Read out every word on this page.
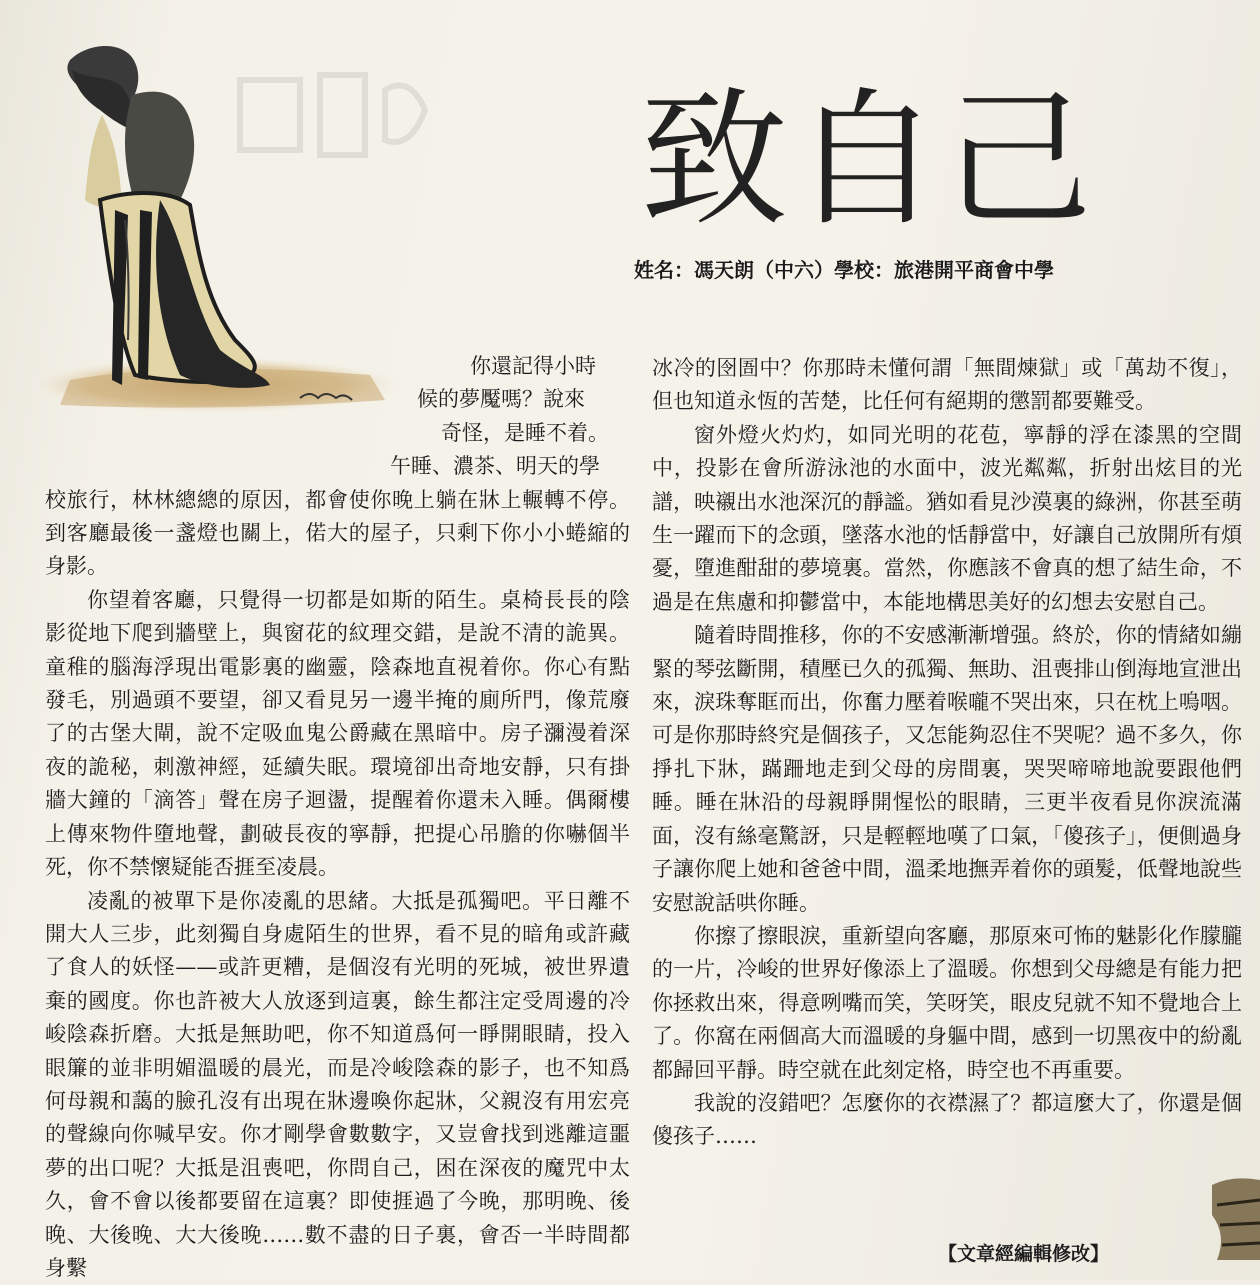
致自己
姓名：馮天朗（中六）學校：旅港開平商會中學

你還記得小時

候的夢魘嗎？說來

奇怪，是睡不着。

午睡、濃茶、明天的學

校旅行，林林總總的原因，都會使你晚上躺在牀上輾轉不停。到客廳最後一盞燈也關上，偌大的屋子，只剩下你小小蜷縮的身影。

你望着客廳，只覺得一切都是如斯的陌生。桌椅長長的陰影從地下爬到牆壁上，與窗花的紋理交錯，是說不清的詭異。童稚的腦海浮現出電影裏的幽靈，陰森地直視着你。你心有點發毛，別過頭不要望，卻又看見另一邊半掩的廁所門，像荒廢了的古堡大閘，說不定吸血鬼公爵藏在黑暗中。房子瀰漫着深夜的詭秘，刺激神經，延續失眠。環境卻出奇地安靜，只有掛牆大鐘的「滴答」聲在房子迴盪，提醒着你還未入睡。偶爾樓上傳來物件墮地聲，劃破長夜的寧靜，把提心吊膽的你嚇個半死，你不禁懷疑能否捱至凌晨。

凌亂的被單下是你凌亂的思緒。大抵是孤獨吧。平日離不開大人三步，此刻獨自身處陌生的世界，看不見的暗角或許藏了食人的妖怪——或許更糟，是個沒有光明的死城，被世界遺棄的國度。你也許被大人放逐到這裏，餘生都注定受周邊的冷峻陰森折磨。大抵是無助吧，你不知道爲何一睜開眼睛，投入眼簾的並非明媚溫暖的晨光，而是冷峻陰森的影子，也不知爲何母親和藹的臉孔沒有出現在牀邊喚你起牀，父親沒有用宏亮的聲線向你喊早安。你才剛學會數數字，又豈會找到逃離這噩夢的出口呢？大抵是沮喪吧，你問自己，困在深夜的魔咒中太久，會不會以後都要留在這裏？即使捱過了今晚，那明晚、後晚、大後晚、大大後晚……數不盡的日子裏，會否一半時間都身繫

冰冷的囹圄中？你那時未懂何謂「無間煉獄」或「萬劫不復」，但也知道永恆的苦楚，比任何有絕期的懲罰都要難受。

窗外燈火灼灼，如同光明的花苞，寧靜的浮在漆黑的空間中，投影在會所游泳池的水面中，波光粼粼，折射出炫目的光譜，映襯出水池深沉的靜謐。猶如看見沙漠裏的綠洲，你甚至萌生一躍而下的念頭，墜落水池的恬靜當中，好讓自己放開所有煩憂，墮進酣甜的夢境裏。當然，你應該不會真的想了結生命，不過是在焦慮和抑鬱當中，本能地構思美好的幻想去安慰自己。

隨着時間推移，你的不安感漸漸增强。終於，你的情緒如繃緊的琴弦斷開，積壓已久的孤獨、無助、沮喪排山倒海地宣泄出來，淚珠奪眶而出，你奮力壓着喉嚨不哭出來，只在枕上嗚咽。可是你那時終究是個孩子，又怎能夠忍住不哭呢？過不多久，你掙扎下牀，蹣跚地走到父母的房間裏，哭哭啼啼地說要跟他們睡。睡在牀沿的母親睜開惺忪的眼睛，三更半夜看見你淚流滿面，沒有絲毫驚訝，只是輕輕地嘆了口氣，「傻孩子」，便側過身子讓你爬上她和爸爸中間，溫柔地撫弄着你的頭髮，低聲地說些安慰說話哄你睡。

你擦了擦眼淚，重新望向客廳，那原來可怖的魅影化作朦朧的一片，冷峻的世界好像添上了溫暖。你想到父母總是有能力把你拯救出來，得意咧嘴而笑，笑呀笑，眼皮兒就不知不覺地合上了。你窩在兩個高大而溫暖的身軀中間，感到一切黑夜中的紛亂都歸回平靜。時空就在此刻定格，時空也不再重要。

我說的沒錯吧？怎麼你的衣襟濕了？都這麼大了，你還是個傻孩子……

【文章經編輯修改】
